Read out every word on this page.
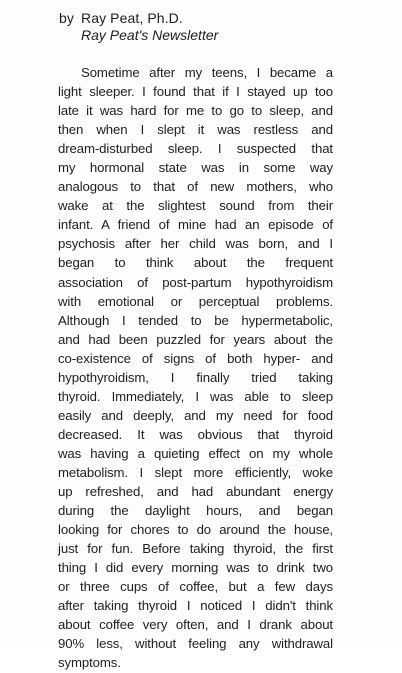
by Ray Peat, Ph.D.
Ray Peat's Newsletter
Sometime after my teens, I became a
light sleeper. I found that if I stayed up too
late it was hard for me to go to sleep, and
then when I slept it was restless and
dream-disturbed sleep. I suspected that
my hormonal state was in some way
analogous to that of new mothers, who
wake at the slightest sound from their
infant. A friend of mine had an episode of
psychosis after her child was born, and I
began to think about the frequent
association of post-partum hypothyroidism
with emotional or perceptual problems.
Although I tended to be hypermetabolic,
and had been puzzled for years about the
co-existence of signs of both hyper- and
hypothyroidism, I finally tried taking
thyroid. Immediately, I was able to sleep
easily and deeply, and my need for food
decreased. It was obvious that thyroid
was having a quieting effect on my whole
metabolism. I slept more efficiently, woke
up refreshed, and had abundant energy
during the daylight hours, and began
looking for chores to do around the house,
just for fun. Before taking thyroid, the first
thing I did every morning was to drink two
or three cups of coffee, but a few days
after taking thyroid I noticed I didn't think
about coffee very often, and I drank about
90% less, without feeling any withdrawal
symptoms.
